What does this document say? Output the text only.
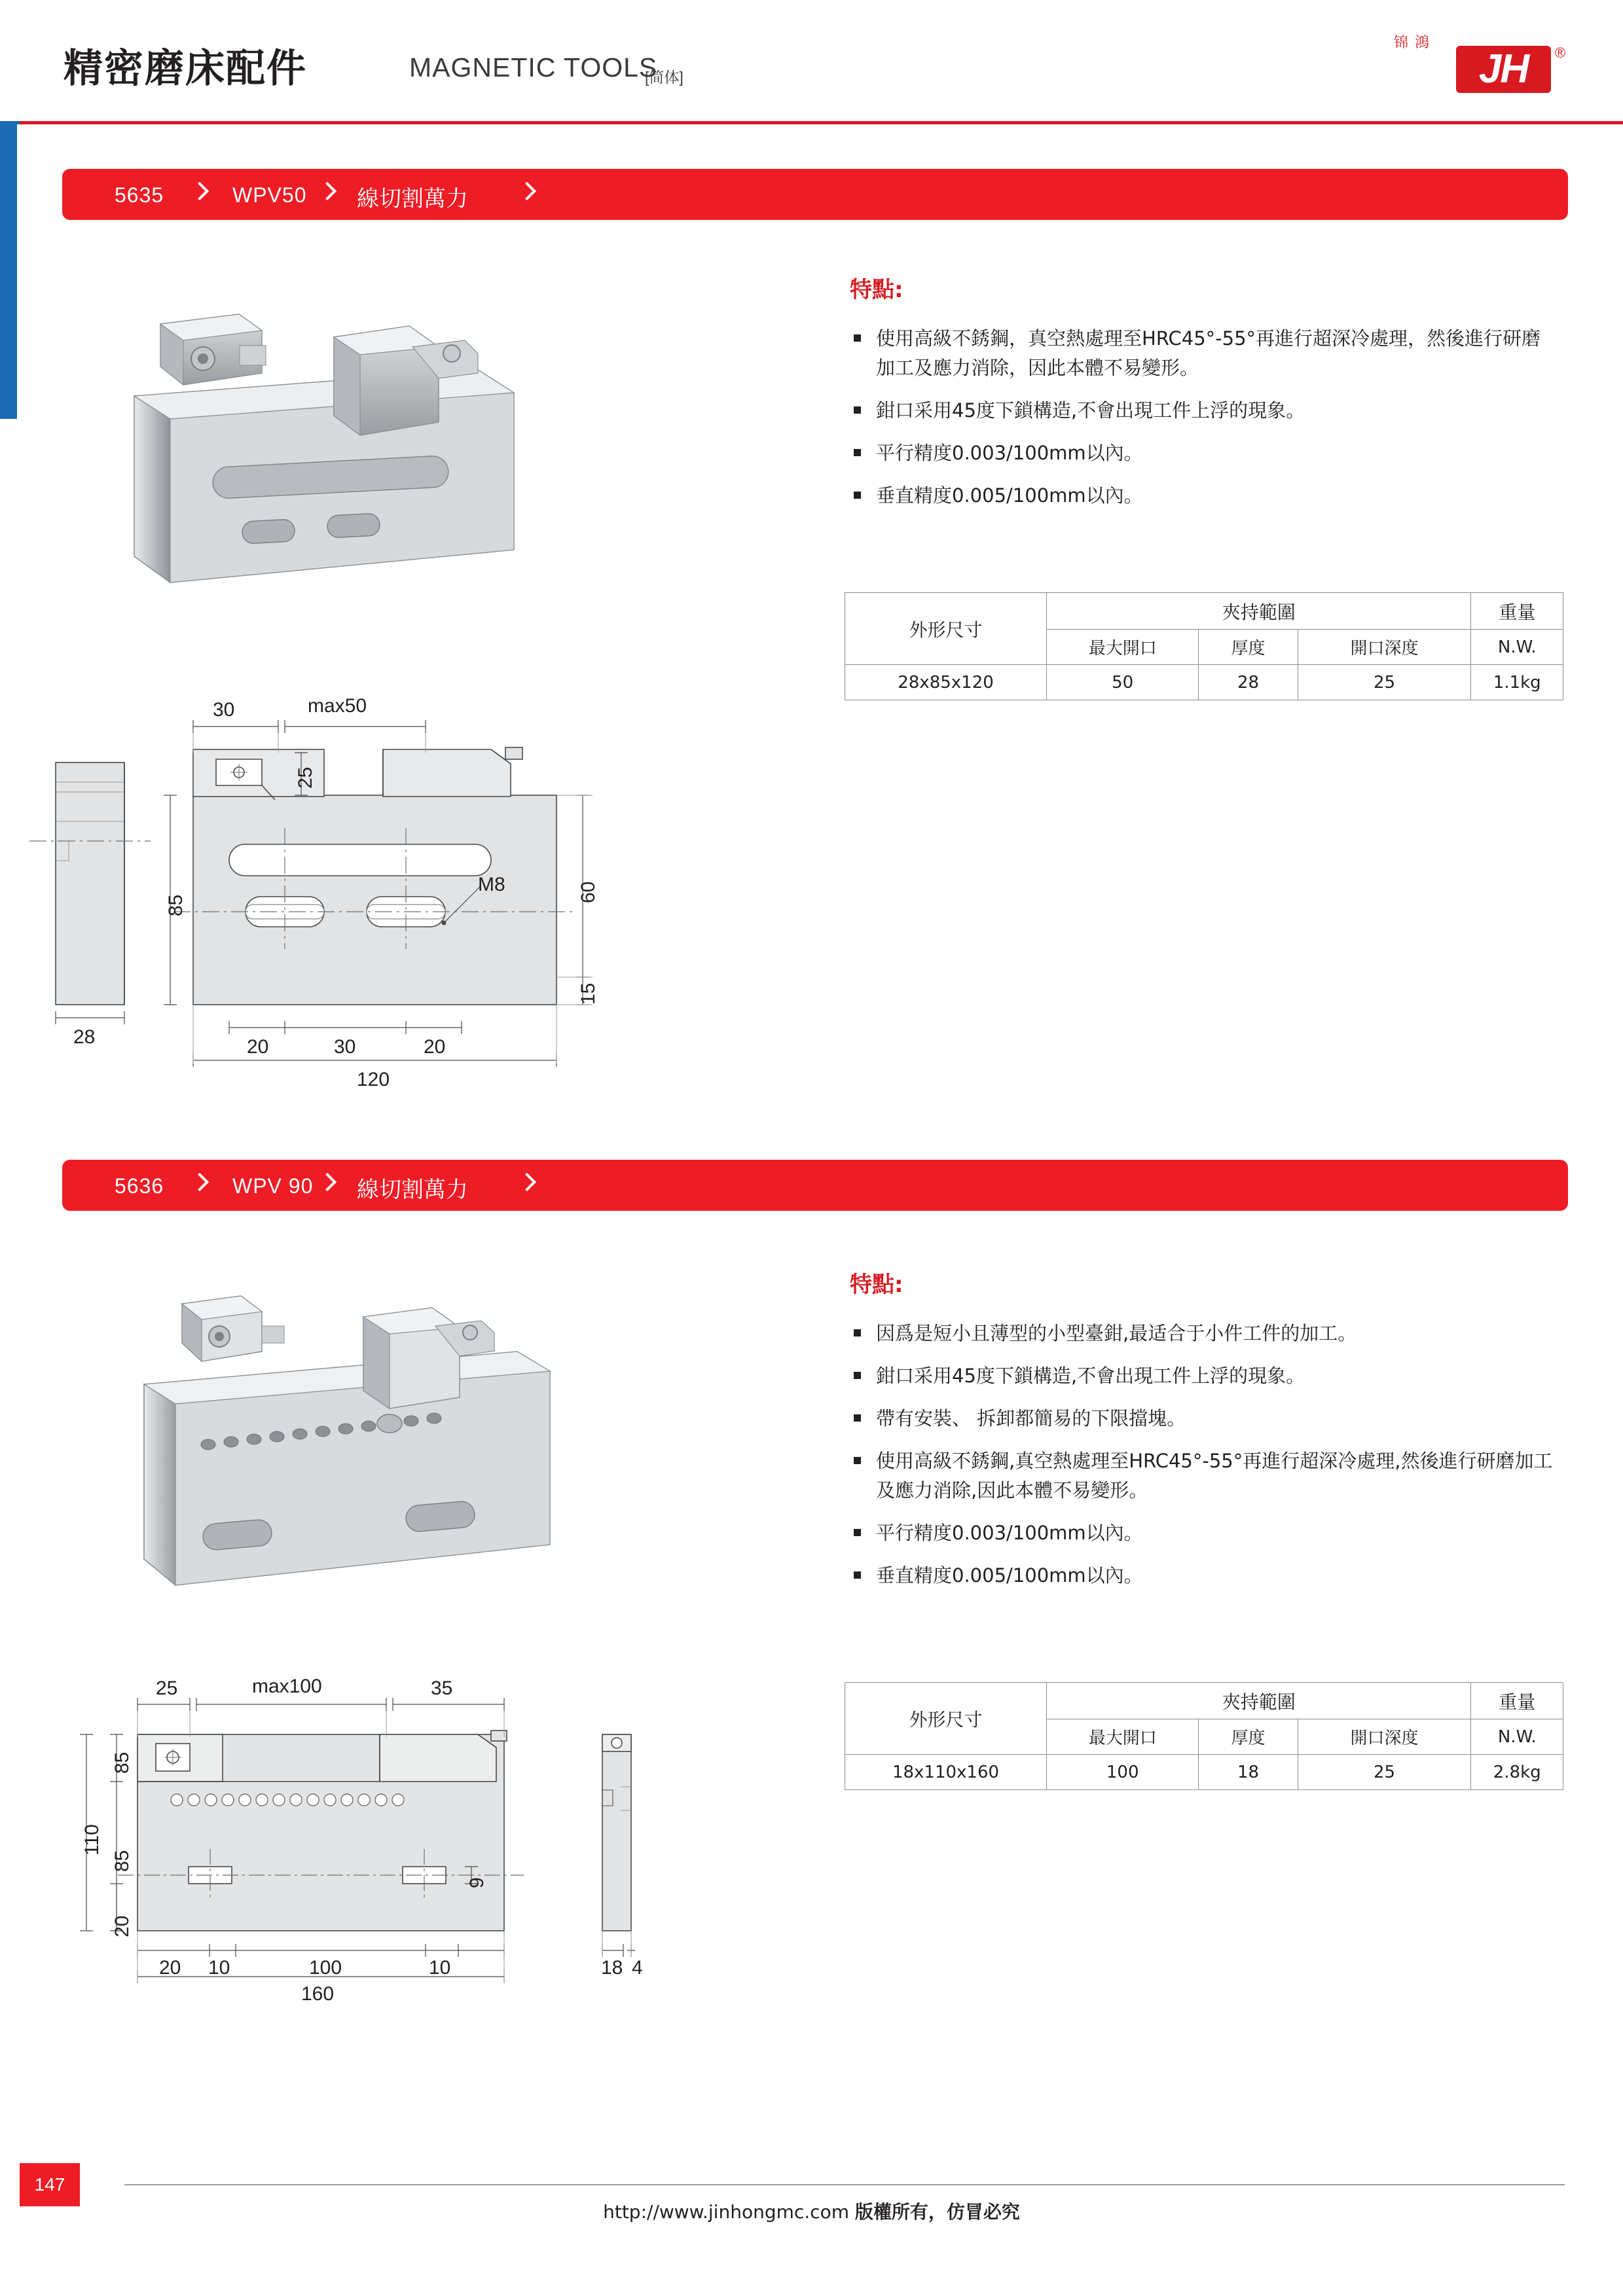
精密磨床配件	MAGNETIC TOOLS
[简体]
锦鴻
JH	®
5635	WPV50 線切割萬力
特點:
使用高級不銹鋼，真空熱處理至HRC45°-55°再進行超深冷處理，然後進行研磨加工及應力消除，因此本體不易變形。
鉗口采用45度下鎖構造,不會出現工件上浮的現象。
平行精度0.003/100mm以內。
垂直精度0.005/100mm以內。
外形尺寸	夾持範圍			重量
	最大開口	厚度	開口深度	N.W.
28x85x120	50	28	25	1.1kg
30	max50
25
85
60
15
20	30	20
M8
120
28
5636	WPV 90 線切割萬力
特點:
因爲是短小且薄型的小型臺鉗,最适合于小件工件的加工。
鉗口采用45度下鎖構造,不會出現工件上浮的現象。
帶有安裝、 拆卸都簡易的下限擋塊。
使用高級不銹鋼,真空熱處理至HRC45°-55°再進行超深冷處理,然後進行研磨加工及應力消除,因此本體不易變形。
平行精度0.003/100mm以內。
垂直精度0.005/100mm以內。
外形尺寸	夾持範圍			重量
	最大開口	厚度	開口深度	N.W.
18x110x160	100	18	25	2.8kg
25	max100	35
85
110
85
20
9
20 10	100	10
160
18 4
147
http://www.jinhongmc.com 版權所有，仿冒必究
